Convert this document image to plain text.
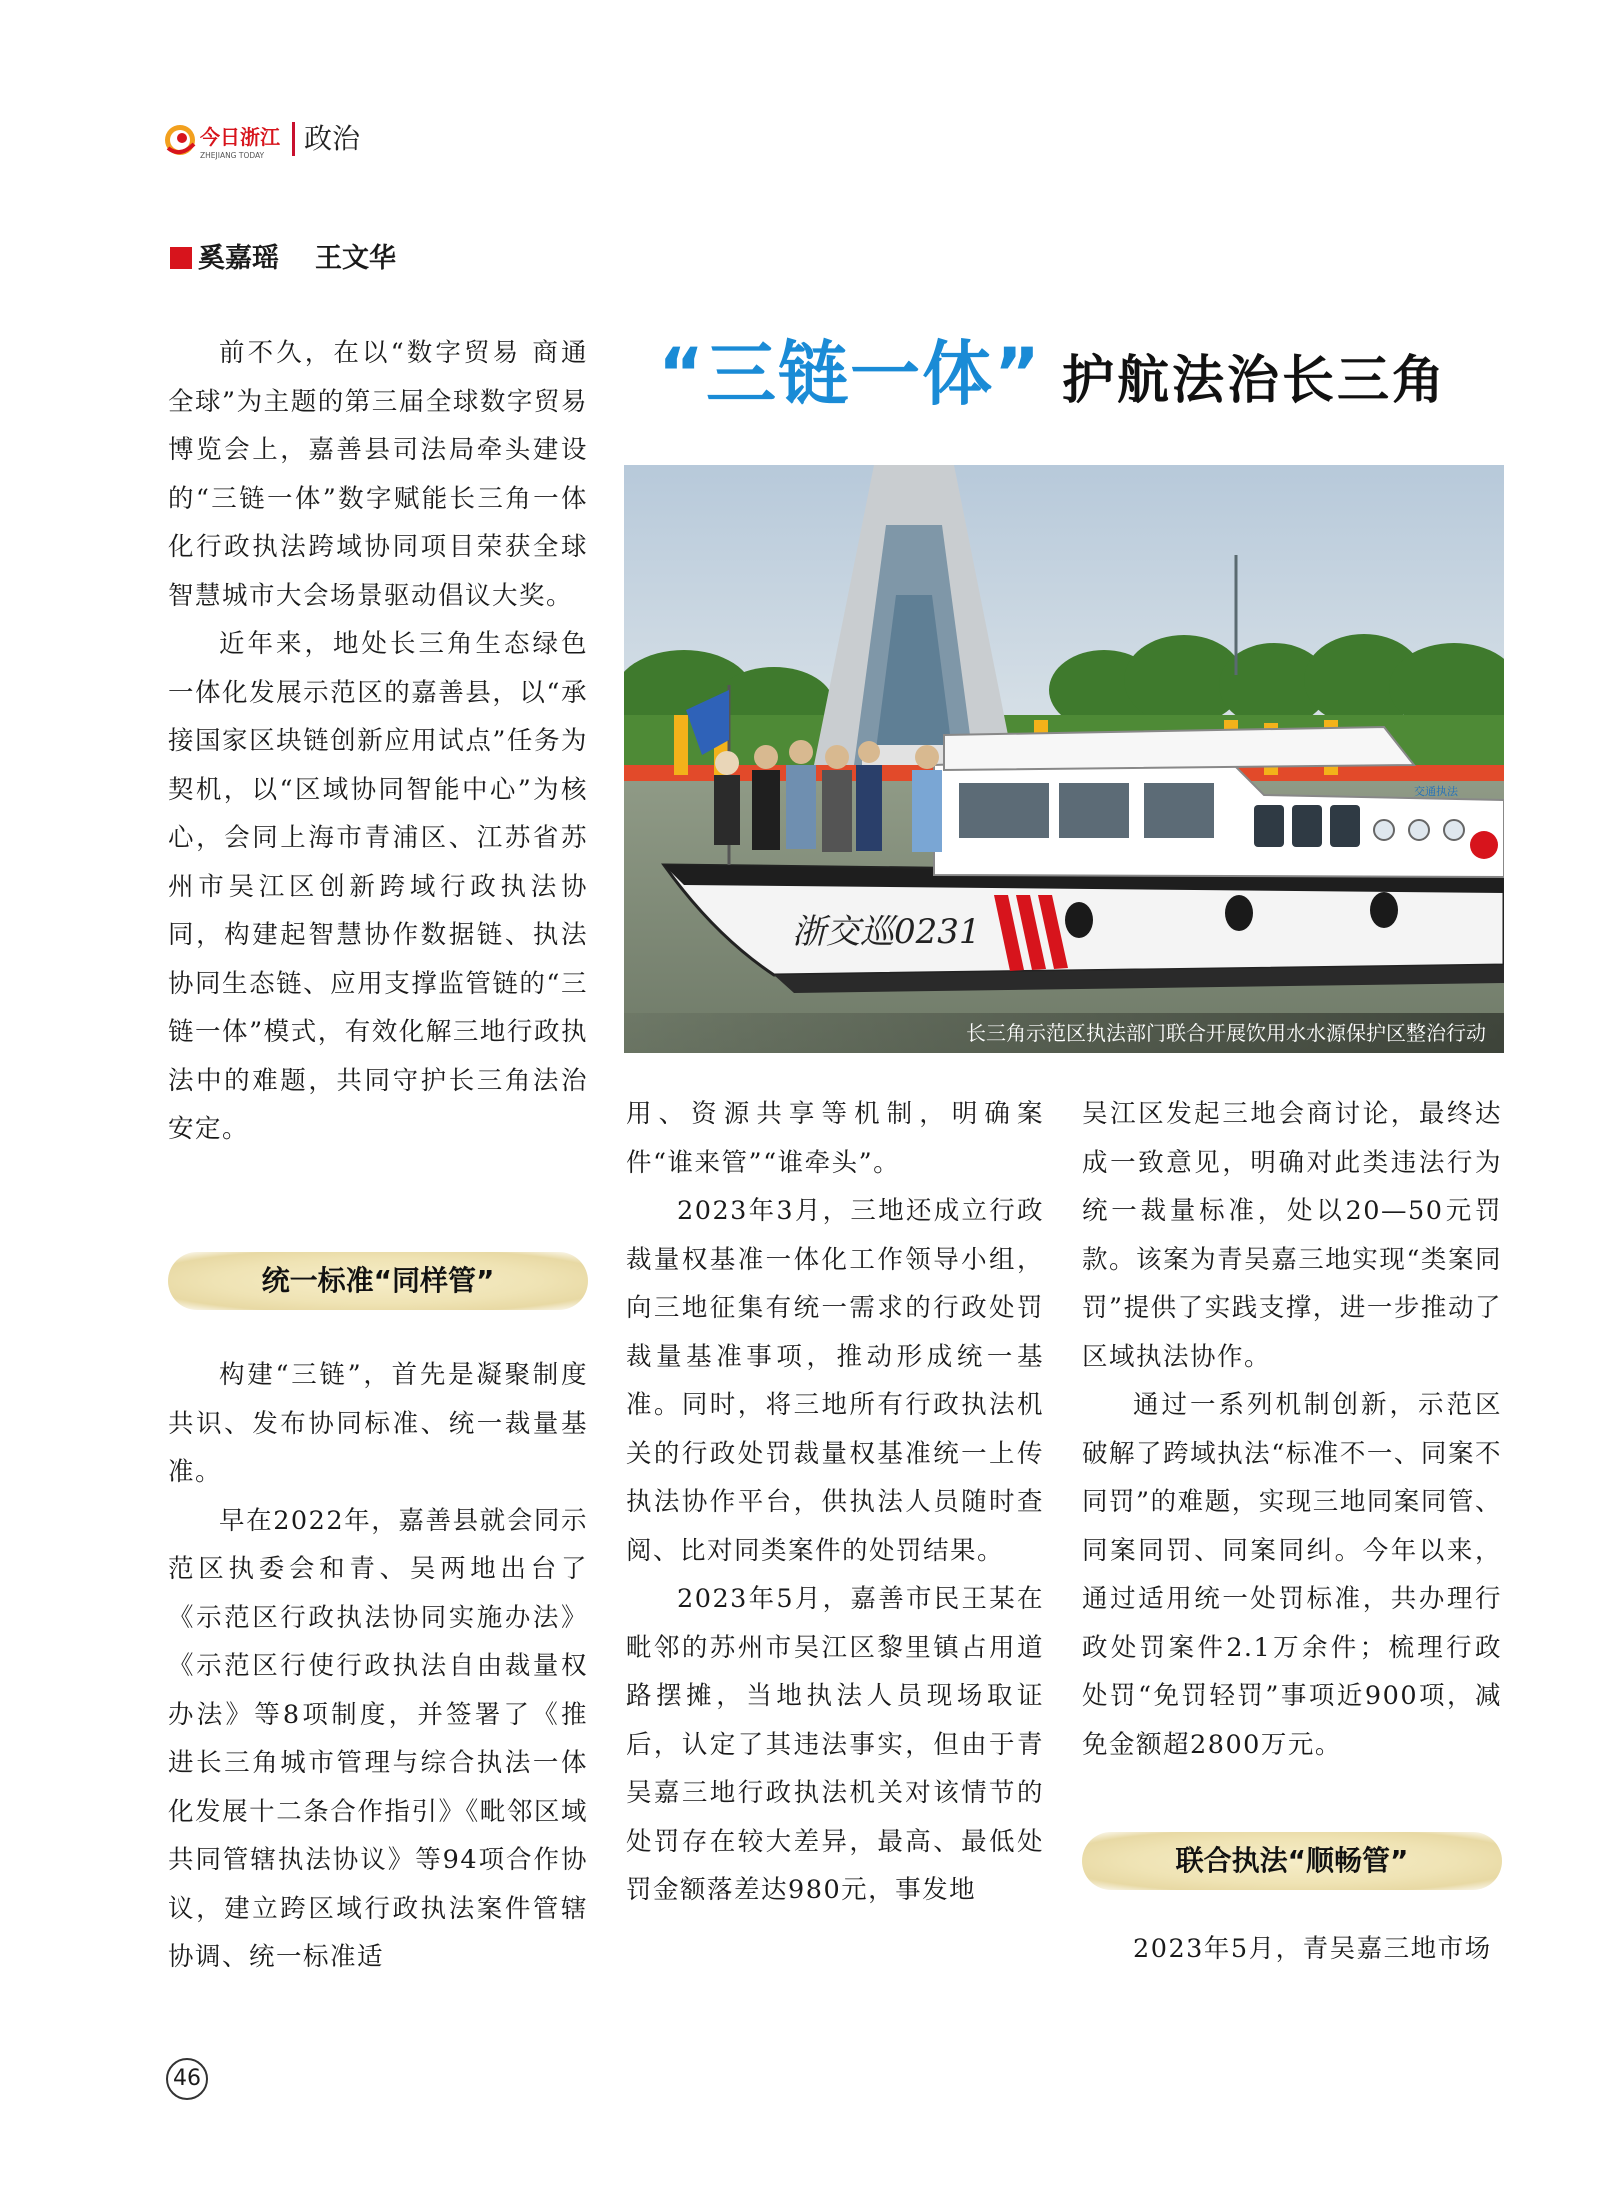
今日浙江
ZHEJIANG TODAY
政治
奚嘉瑶 王文华
“三链一体” 护航法治长三角
浙交巡0231
交通执法
长三角示范区执法部门联合开展饮用水水源保护区整治行动

前不久，在以“数字贸易 商通全球”为主题的第三届全球数字贸易博览会上，嘉善县司法局牵头建设的“三链一体”数字赋能长三角一体化行政执法跨域协同项目荣获全球智慧城市大会场景驱动倡议大奖。

近年来，地处长三角生态绿色一体化发展示范区的嘉善县，以“承接国家区块链创新应用试点”任务为契机，以“区域协同智能中心”为核心，会同上海市青浦区、江苏省苏州市吴江区创新跨域行政执法协同，构建起智慧协作数据链、执法协同生态链、应用支撑监管链的“三链一体”模式，有效化解三地行政执法中的难题，共同守护长三角法治安定。

统一标准“同样管”

构建“三链”，首先是凝聚制度共识、发布协同标准、统一裁量基准。

早在2022年，嘉善县就会同示范区执委会和青、吴两地出台了《示范区行政执法协同实施办法》《示范区行使行政执法自由裁量权办法》等8项制度，并签署了《推进长三角城市管理与综合执法一体化发展十二条合作指引》《毗邻区域共同管辖执法协议》等94项合作协议，建立跨区域行政执法案件管辖协调、统一标准适

用、资源共享等机制，明确案件“谁来管”“谁牵头”。

2023年3月，三地还成立行政裁量权基准一体化工作领导小组，向三地征集有统一需求的行政处罚裁量基准事项，推动形成统一基准。同时，将三地所有行政执法机关的行政处罚裁量权基准统一上传执法协作平台，供执法人员随时查阅、比对同类案件的处罚结果。

2023年5月，嘉善市民王某在毗邻的苏州市吴江区黎里镇占用道路摆摊，当地执法人员现场取证后，认定了其违法事实，但由于青吴嘉三地行政执法机关对该情节的处罚存在较大差异，最高、最低处罚金额落差达980元，事发地

吴江区发起三地会商讨论，最终达成一致意见，明确对此类违法行为统一裁量标准，处以20—50元罚款。该案为青吴嘉三地实现“类案同罚”提供了实践支撑，进一步推动了区域执法协作。

通过一系列机制创新，示范区破解了跨域执法“标准不一、同案不同罚”的难题，实现三地同案同管、同案同罚、同案同纠。今年以来，通过适用统一处罚标准，共办理行政处罚案件2.1万余件；梳理行政处罚“免罚轻罚”事项近900项，减免金额超2800万元。

联合执法“顺畅管”

2023年5月，青吴嘉三地市场

46
